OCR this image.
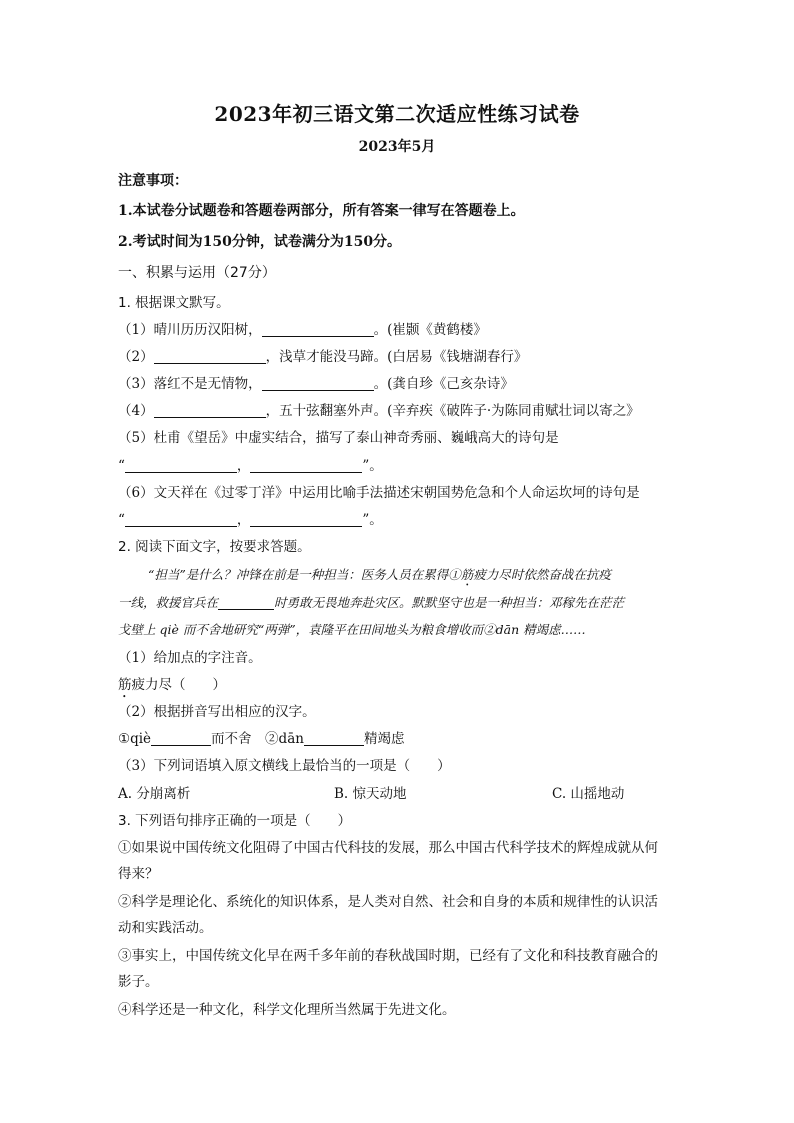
2023年初三语文第二次适应性练习试卷
2023年5月
注意事项：
1.本试卷分试题卷和答题卷两部分，所有答案一律写在答题卷上。
2.考试时间为150分钟，试卷满分为150分。
一、积累与运用（27分）
1. 根据课文默写。
（1）晴川历历汉阳树，	。(崔颢《黄鹤楼》
（2）	，浅草才能没马蹄。(白居易《钱塘湖春行》
（3）落红不是无情物，	。(龚自珍《己亥杂诗》
（4）	，五十弦翻塞外声。(辛弃疾《破阵子·为陈同甫赋壮词以寄之》
（5）杜甫《望岳》中虚实结合，描写了泰山神奇秀丽、巍峨高大的诗句是
“	，	”。
（6）文天祥在《过零丁洋》中运用比喻手法描述宋朝国势危急和个人命运坎坷的诗句是
“	，	”。
2. 阅读下面文字，按要求答题。
“担当”是什么？冲锋在前是一种担当：医务人员在累得①筋疲力尽时依然奋战在抗疫
一线，救援官兵在	时勇敢无畏地奔赴灾区。默默坚守也是一种担当：邓稼先在茫茫
戈壁上 qiè 而不舍地研究“两弹”，袁隆平在田间地头为粮食增收而②dān 精竭虑……
（1）给加点的字注音。
筋疲力尽（　　）
（2）根据拼音写出相应的汉字。
①qiè	而不舍　②dān	精竭虑
（3）下列词语填入原文横线上最恰当的一项是（　　）
A. 分崩离析	B. 惊天动地	C. 山摇地动
3. 下列语句排序正确的一项是（　　）
①如果说中国传统文化阻碍了中国古代科技的发展，那么中国古代科学技术的辉煌成就从何
得来？
②科学是理论化、系统化的知识体系，是人类对自然、社会和自身的本质和规律性的认识活
动和实践活动。
③事实上，中国传统文化早在两千多年前的春秋战国时期，已经有了文化和科技教育融合的
影子。
④科学还是一种文化，科学文化理所当然属于先进文化。
